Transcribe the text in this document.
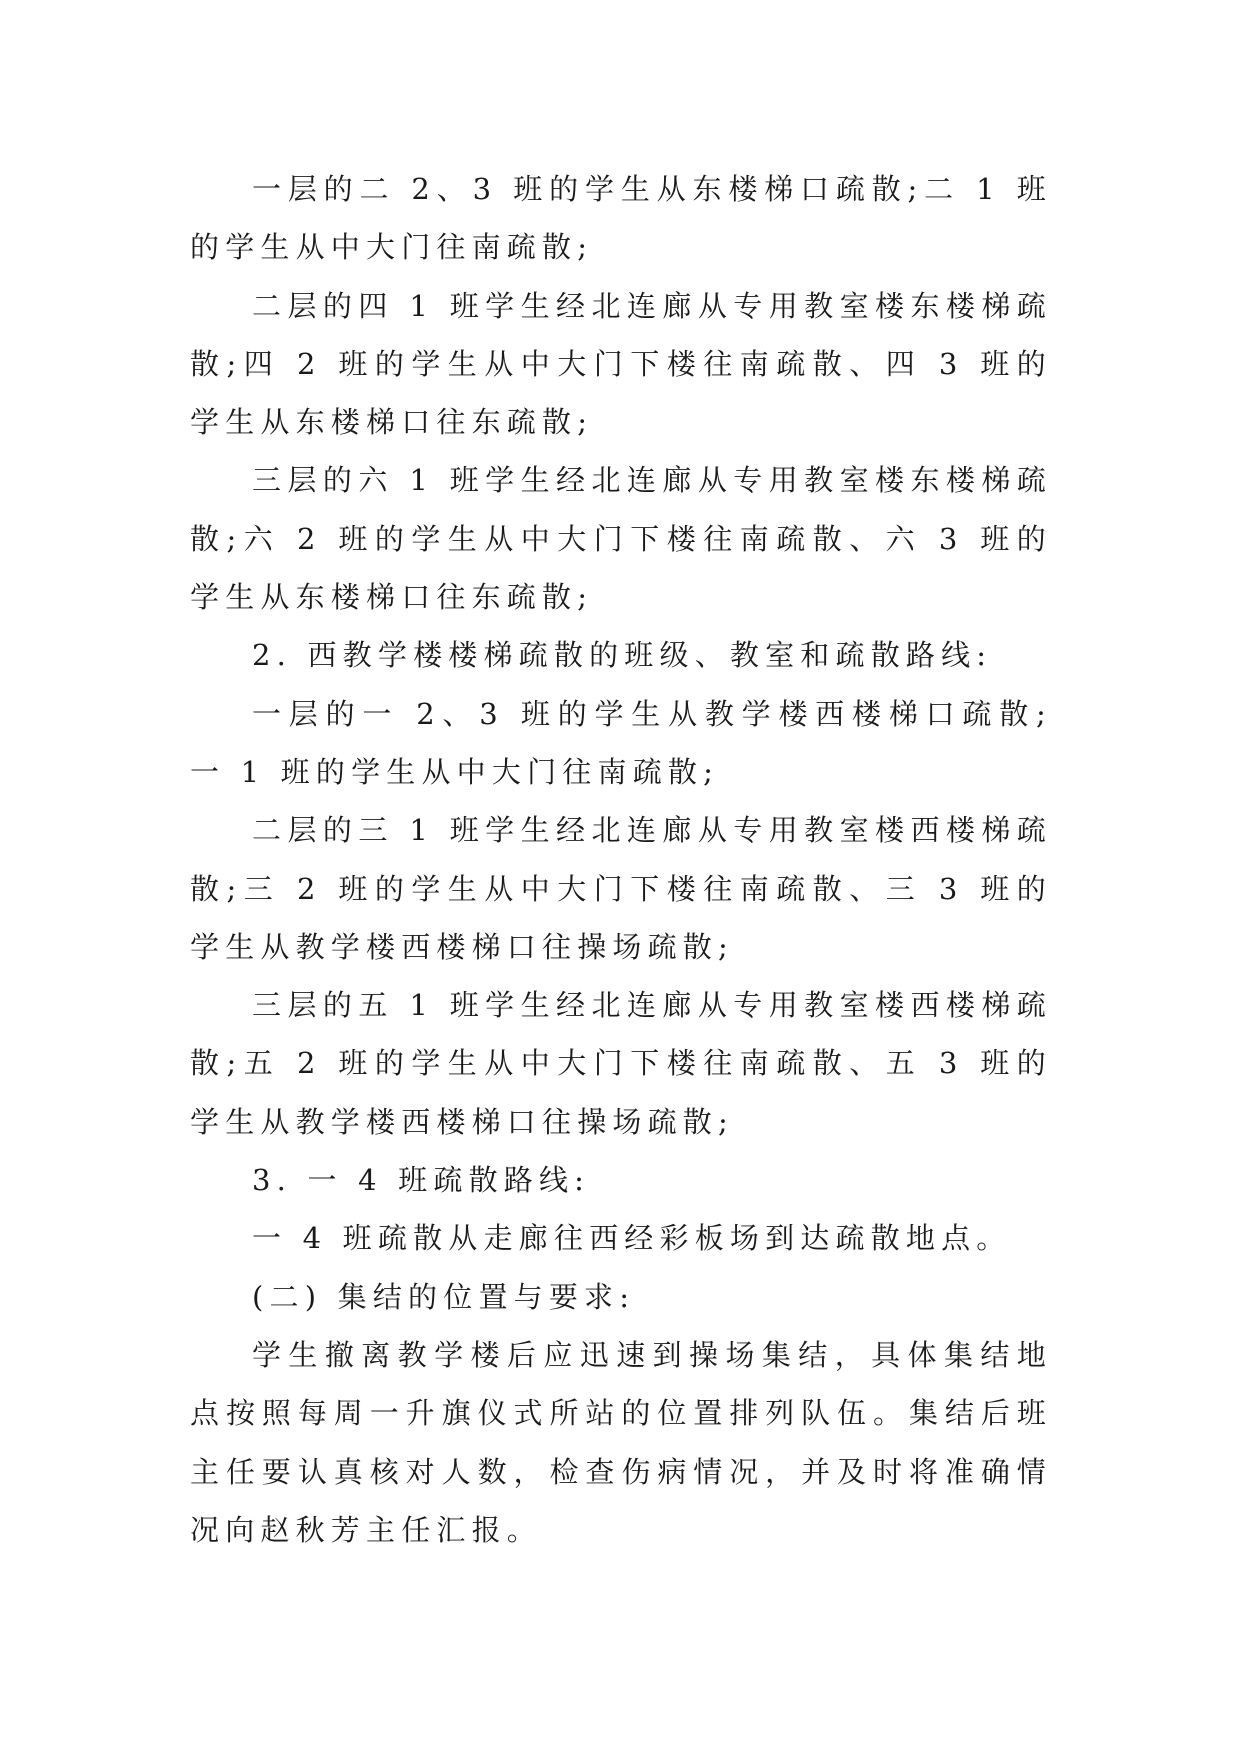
一层的二 2、3 班的学生从东楼梯口疏散;二 1 班的学生从中大门往南疏散;

二层的四 1 班学生经北连廊从专用教室楼东楼梯疏散;四 2 班的学生从中大门下楼往南疏散、四 3 班的学生从东楼梯口往东疏散;

三层的六 1 班学生经北连廊从专用教室楼东楼梯疏散;六 2 班的学生从中大门下楼往南疏散、六 3 班的学生从东楼梯口往东疏散;

2. 西教学楼楼梯疏散的班级、教室和疏散路线:

一层的一 2、3 班的学生从教学楼西楼梯口疏散;一 1 班的学生从中大门往南疏散;

二层的三 1 班学生经北连廊从专用教室楼西楼梯疏散;三 2 班的学生从中大门下楼往南疏散、三 3 班的学生从教学楼西楼梯口往操场疏散;

三层的五 1 班学生经北连廊从专用教室楼西楼梯疏散;五 2 班的学生从中大门下楼往南疏散、五 3 班的学生从教学楼西楼梯口往操场疏散;

3. 一 4 班疏散路线:

一 4 班疏散从走廊往西经彩板场到达疏散地点。

(二) 集结的位置与要求:

学生撤离教学楼后应迅速到操场集结，具体集结地点按照每周一升旗仪式所站的位置排列队伍。集结后班主任要认真核对人数，检查伤病情况，并及时将准确情况向赵秋芳主任汇报。
